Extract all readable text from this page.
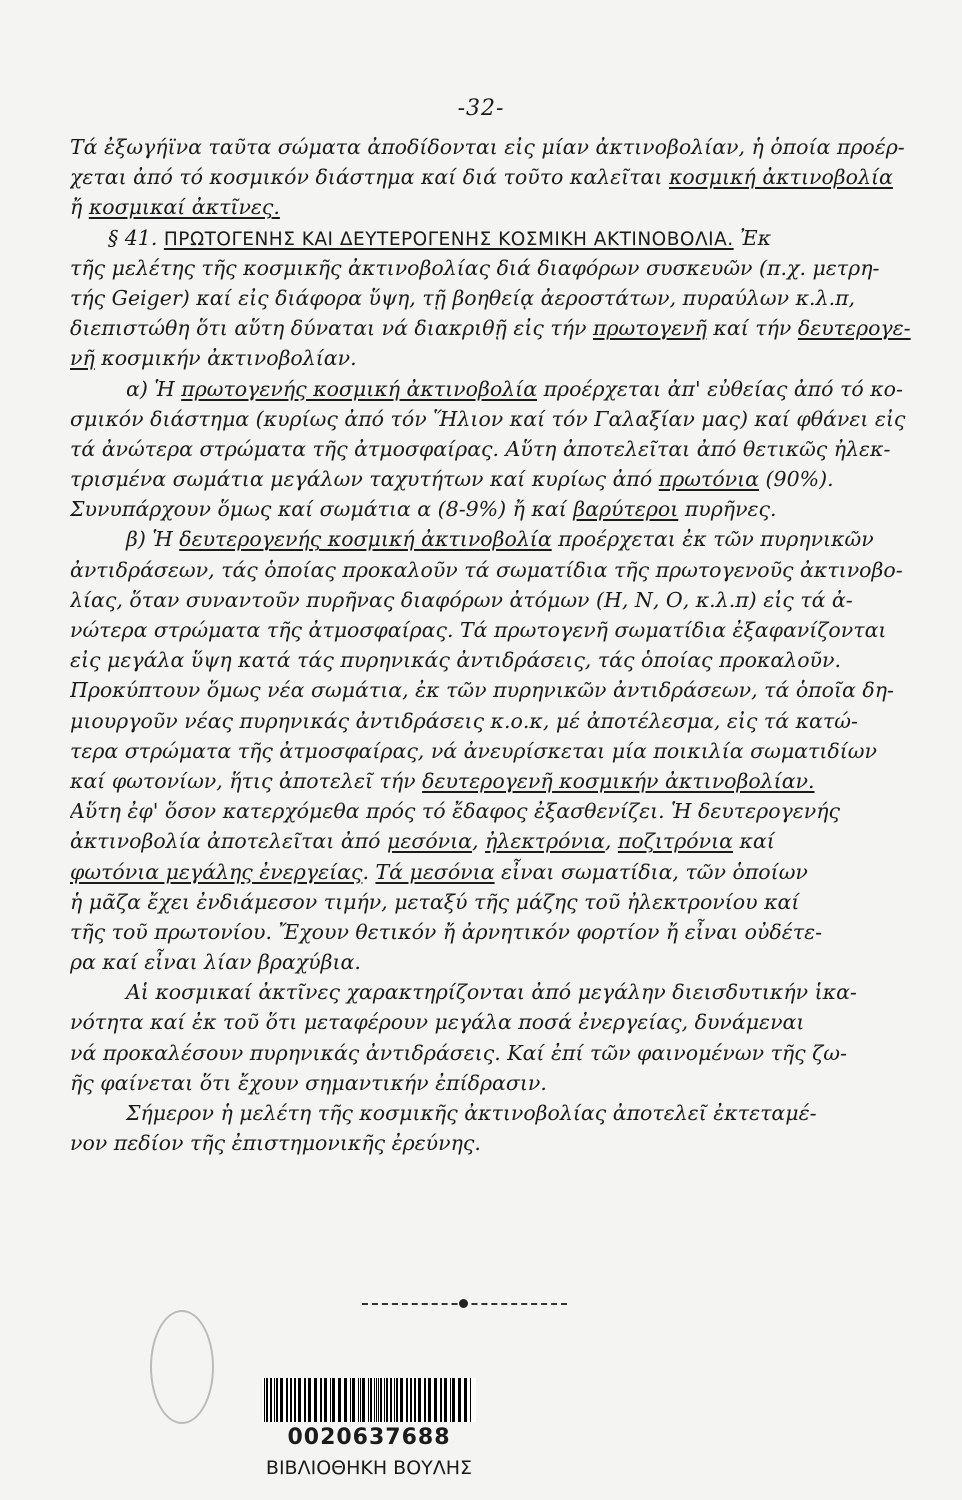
-32-
Τά ἐξωγήϊνα ταῦτα σώματα ἀποδίδονται εἰς μίαν ἀκτινοβολίαν, ἡ ὁποία προέρ-
χεται ἀπό τό κοσμικόν διάστημα καί διά τοῦτο καλεῖται κοσμική ἀκτινοβολία
ἤ κοσμικαί ἀκτῖνες.
§ 41. ΠΡΩΤΟΓΕΝΗΣ ΚΑΙ ΔΕΥΤΕΡΟΓΕΝΗΣ ΚΟΣΜΙΚΗ ΑΚΤΙΝΟΒΟΛΙΑ. Ἐκ
τῆς μελέτης τῆς κοσμικῆς ἀκτινοβολίας διά διαφόρων συσκευῶν (π.χ. μετρη-
τής Geiger) καί εἰς διάφορα ὕψη, τῇ βοηθείᾳ ἀεροστάτων, πυραύλων κ.λ.π,
διεπιστώθη ὅτι αὕτη δύναται νά διακριθῇ εἰς τήν πρωτογενῆ καί τήν δευτερογε-
νῆ κοσμικήν ἀκτινοβολίαν.
α) Ἡ πρωτογενής κοσμική ἀκτινοβολία προέρχεται ἀπ' εὐθείας ἀπό τό κο-
σμικόν διάστημα (κυρίως ἀπό τόν Ἥλιον καί τόν Γαλαξίαν μας) καί φθάνει εἰς
τά ἀνώτερα στρώματα τῆς ἀτμοσφαίρας. Αὕτη ἀποτελεῖται ἀπό θετικῶς ἠλεκ-
τρισμένα σωμάτια μεγάλων ταχυτήτων καί κυρίως ἀπό πρωτόνια (90%).
Συνυπάρχουν ὅμως καί σωμάτια α (8-9%) ἤ καί βαρύτεροι πυρῆνες.
β) Ἡ δευτερογενής κοσμική ἀκτινοβολία προέρχεται ἐκ τῶν πυρηνικῶν
ἀντιδράσεων, τάς ὁποίας προκαλοῦν τά σωματίδια τῆς πρωτογενοῦς ἀκτινοβο-
λίας, ὅταν συναντοῦν πυρῆνας διαφόρων ἀτόμων (Η, Ν, Ο, κ.λ.π) εἰς τά ἀ-
νώτερα στρώματα τῆς ἀτμοσφαίρας. Τά πρωτογενῆ σωματίδια ἐξαφανίζονται
εἰς μεγάλα ὕψη κατά τάς πυρηνικάς ἀντιδράσεις, τάς ὁποίας προκαλοῦν.
Προκύπτουν ὅμως νέα σωμάτια, ἐκ τῶν πυρηνικῶν ἀντιδράσεων, τά ὁποῖα δη-
μιουργοῦν νέας πυρηνικάς ἀντιδράσεις κ.ο.κ, μέ ἀποτέλεσμα, εἰς τά κατώ-
τερα στρώματα τῆς ἀτμοσφαίρας, νά ἀνευρίσκεται μία ποικιλία σωματιδίων
καί φωτονίων, ἥτις ἀποτελεῖ τήν δευτερογενῆ κοσμικήν ἀκτινοβολίαν.
Αὕτη ἐφ' ὅσον κατερχόμεθα πρός τό ἔδαφος ἐξασθενίζει. Ἡ δευτερογενής
ἀκτινοβολία ἀποτελεῖται ἀπό μεσόνια, ἠλεκτρόνια, ποζιτρόνια καί
φωτόνια μεγάλης ἐνεργείας. Τά μεσόνια εἶναι σωματίδια, τῶν ὁποίων
ἡ μᾶζα ἔχει ἐνδιάμεσον τιμήν, μεταξύ τῆς μάζης τοῦ ἠλεκτρονίου καί
τῆς τοῦ πρωτονίου. Ἔχουν θετικόν ἤ ἀρνητικόν φορτίον ἤ εἶναι οὐδέτε-
ρα καί εἶναι λίαν βραχύβια.
Αἱ κοσμικαί ἀκτῖνες χαρακτηρίζονται ἀπό μεγάλην διεισδυτικήν ἱκα-
νότητα καί ἐκ τοῦ ὅτι μεταφέρουν μεγάλα ποσά ἐνεργείας, δυνάμεναι
νά προκαλέσουν πυρηνικάς ἀντιδράσεις. Καί ἐπί τῶν φαινομένων τῆς ζω-
ῆς φαίνεται ὅτι ἔχουν σημαντικήν ἐπίδρασιν.
Σήμερον ἡ μελέτη τῆς κοσμικῆς ἀκτινοβολίας ἀποτελεῖ ἐκτεταμέ-
νον πεδίον τῆς ἐπιστημονικῆς ἐρεύνης.
0020637688
ΒΙΒΛΙΟΘΗΚΗ ΒΟΥΛΗΣ
